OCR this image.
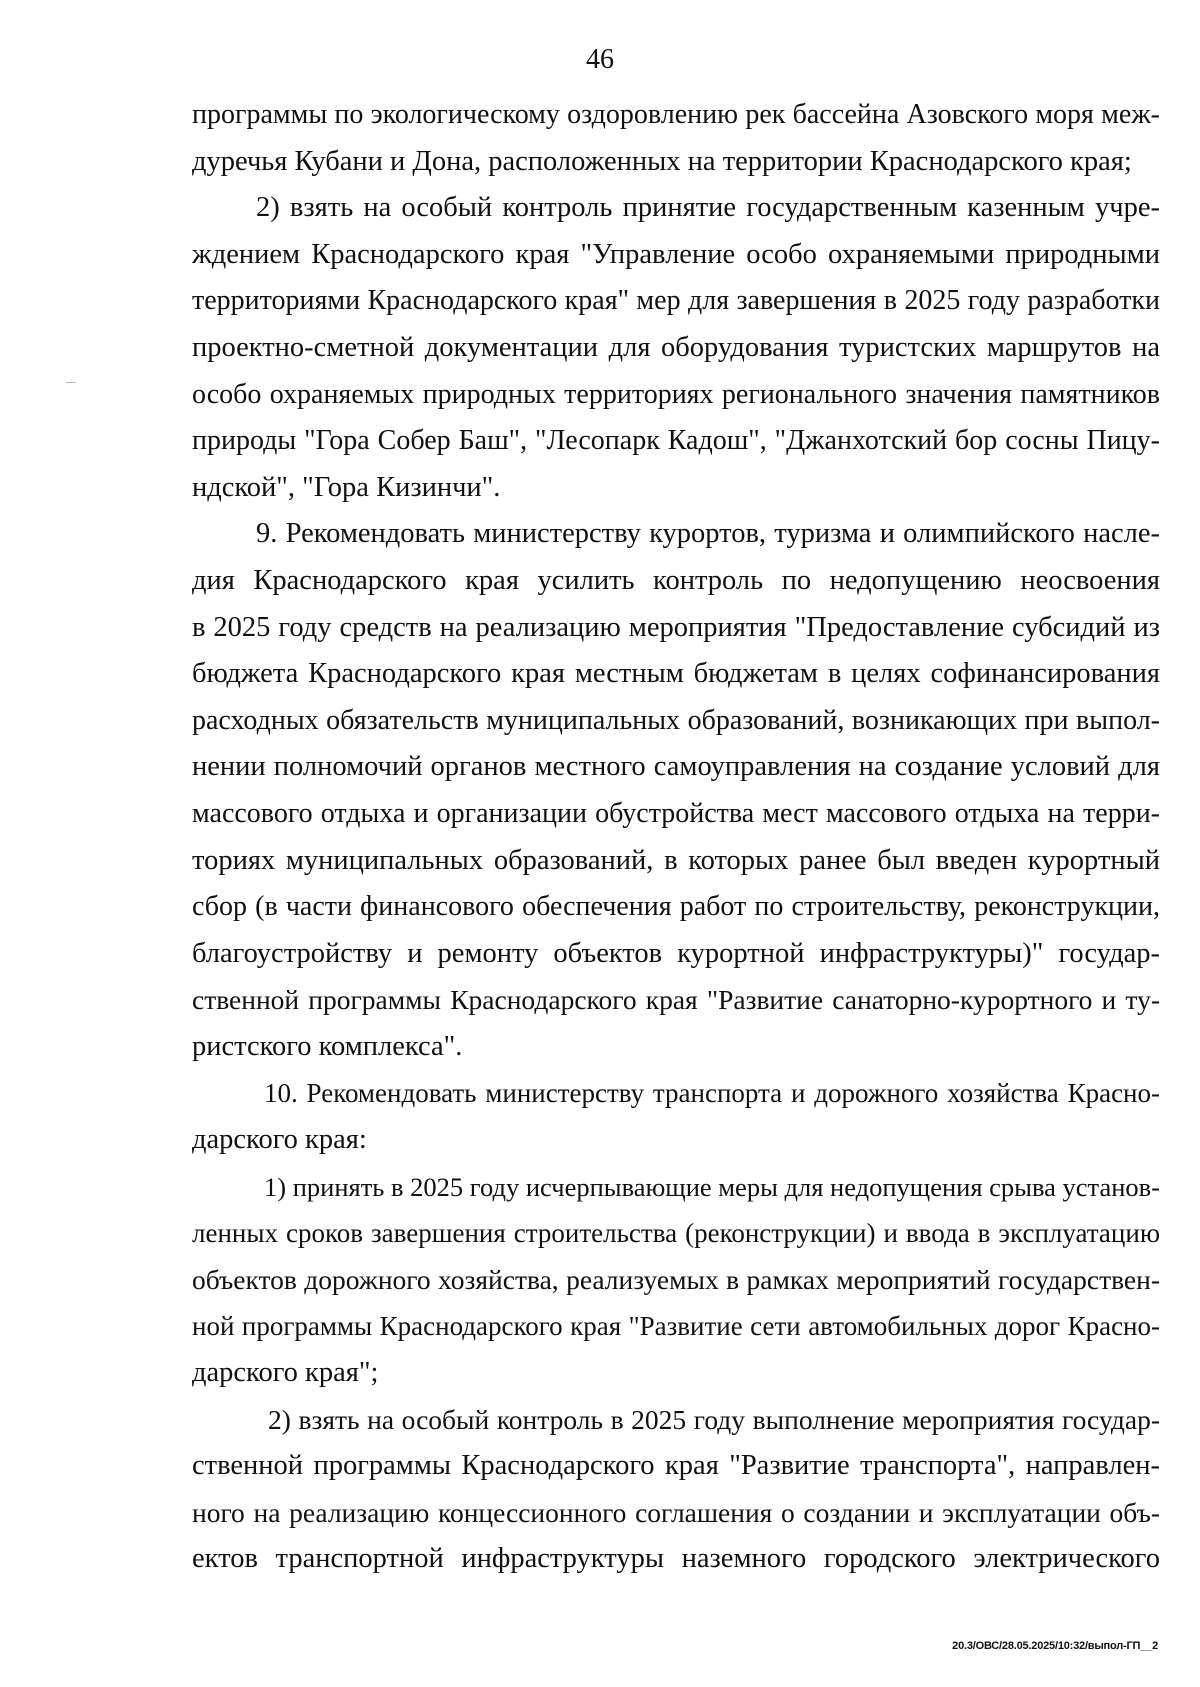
46
программы по экологическому оздоровлению рек бассейна Азовского моря меж-
дуречья Кубани и Дона, расположенных на территории Краснодарского края;
2) взять на особый контроль принятие государственным казенным учре-
ждением Краснодарского края "Управление особо охраняемыми природными
территориями Краснодарского края" мер для завершения в 2025 году разработки
проектно-сметной документации для оборудования туристских маршрутов на
особо охраняемых природных территориях регионального значения памятников
природы "Гора Собер Баш", "Лесопарк Кадош", "Джанхотский бор сосны Пицу-
ндской", "Гора Кизинчи".
9. Рекомендовать министерству курортов, туризма и олимпийского насле-
дия Краснодарского края усилить контроль по недопущению неосвоения
в 2025 году средств на реализацию мероприятия "Предоставление субсидий из
бюджета Краснодарского края местным бюджетам в целях софинансирования
расходных обязательств муниципальных образований, возникающих при выпол-
нении полномочий органов местного самоуправления на создание условий для
массового отдыха и организации обустройства мест массового отдыха на терри-
ториях муниципальных образований, в которых ранее был введен курортный
сбор (в части финансового обеспечения работ по строительству, реконструкции,
благоустройству и ремонту объектов курортной инфраструктуры)" государ-
ственной программы Краснодарского края "Развитие санаторно-курортного и ту-
ристского комплекса".
10. Рекомендовать министерству транспорта и дорожного хозяйства Красно-
дарского края:
1) принять в 2025 году исчерпывающие меры для недопущения срыва установ-
ленных сроков завершения строительства (реконструкции) и ввода в эксплуатацию
объектов дорожного хозяйства, реализуемых в рамках мероприятий государствен-
ной программы Краснодарского края "Развитие сети автомобильных дорог Красно-
дарского края";
2) взять на особый контроль в 2025 году выполнение мероприятия государ-
ственной программы Краснодарского края "Развитие транспорта", направлен-
ного на реализацию концессионного соглашения о создании и эксплуатации объ-
ектов транспортной инфраструктуры наземного городского электрического
20.3/ОВС/28.05.2025/10:32/выпол-ГП__2
